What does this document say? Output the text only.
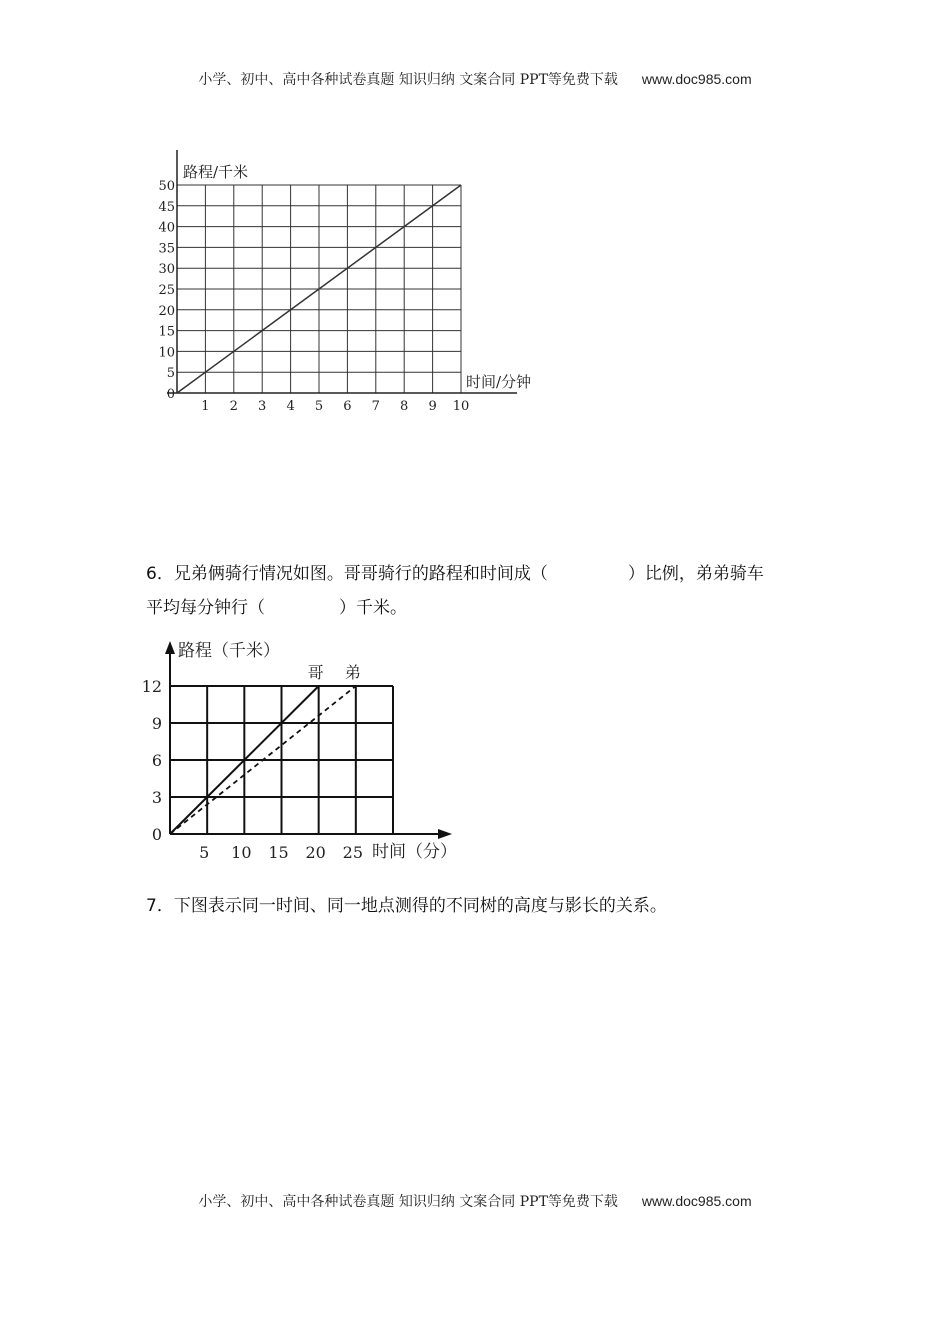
小学、初中、高中各种试卷真题 知识归纳 文案合同 PPT等免费下载 www.doc985.com
1 2 3 4 5 6 7 8 9 10
0
5
10
15
20
25
30
35
40
45
50
路程/千米
时间/分钟
6．兄弟俩骑行情况如图。哥哥骑行的路程和时间成（	）比例，弟弟骑车
平均每分钟行（	）千米。
哥 弟
5 10 15 20 25
0
3
6
9
12
路程（千米）
时间（分）
7．下图表示同一时间、同一地点测得的不同树的高度与影长的关系。
小学、初中、高中各种试卷真题 知识归纳 文案合同 PPT等免费下载 www.doc985.com
